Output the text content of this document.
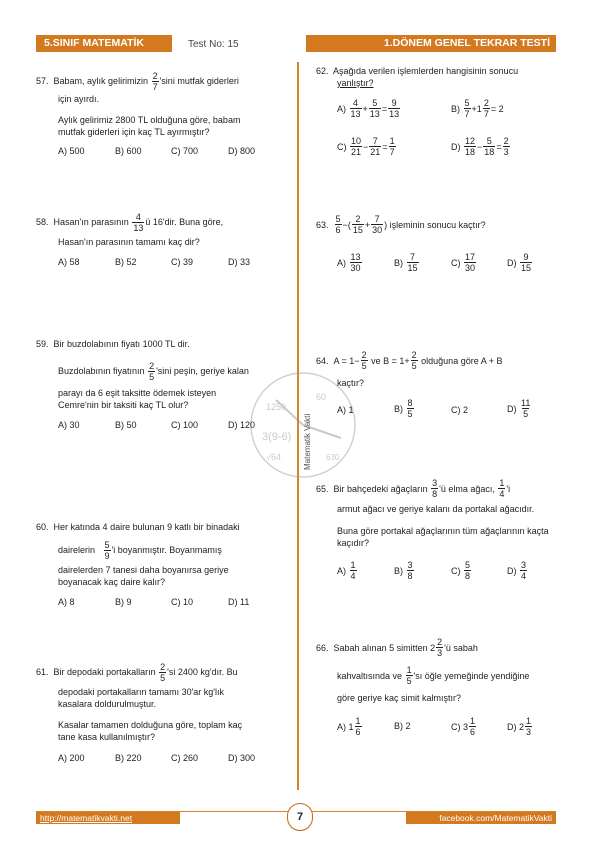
5.SINIF MATEMATİK	Test No: 15	1.DÖNEM GENEL TEKRAR TESTİ
1250
3(9-6)
√64
60
630
Matematik Vakti
57. Babam, aylık gelirimizin $\frac{2}{7}$ 'sini mutfak giderleri
için ayırdı.
Aylık gelirimiz 2800 TL olduğuna göre, babam
mutfak giderleri için kaç TL ayırmıştır?
A) 500	B) 600	C) 700	D) 800
58. Hasan'ın parasının $\frac{4}{13}$ ü 16'dir. Buna göre,
Hasan'ın parasının tamamı kaç dir?
A) 58	B) 52	C) 39	D) 33
59. Bir buzdolabının fiyatı 1000 TL dir.
Buzdolabının fiyatının $\frac{2}{5}$ 'sini peşin, geriye kalan
parayı da 6 eşit taksitte ödemek isteyen
Cemre'nin bir taksiti kaç TL olur?
A) 30	B) 50	C) 100	D) 120
60. Her katında 4 daire bulunan 9 katlı bir binadaki
dairelerin $\frac{5}{9}$ 'i boyanmıştır. Boyanmamış
dairelerden 7 tanesi daha boyanırsa geriye
boyanacak kaç daire kalır?
A) 8	B) 9	C) 10	D) 11
61. Bir depodaki portakalların $\frac{2}{5}$ 'si 2400 kg'dır. Bu
depodaki portakalların tamamı 30'ar kg'lık
kasalara doldurulmuştur.
Kasalar tamamen dolduğuna göre, toplam kaç
tane kasa kullanılmıştır?
A) 200	B) 220	C) 260	D) 300
62. Aşağıda verilen işlemlerden hangisinin sonucu
yanlıştır?
A)
$\frac{4}{13} + \frac{5}{13} = \frac{9}{13}$	B)
$\frac{5}{7} + 1 \frac{2}{7} = 2$
C)
$\frac{10}{21} - \frac{7}{21} = \frac{1}{7}$	D)
$\frac{12}{18} - \frac{5}{18} = \frac{2}{3}$
63.
$\frac{5}{6}$ − ( $\frac{2}{15} + \frac{7}{30}$ )
işleminin sonucu kaçtır?
A)
$\frac{13}{30}$	B)
$\frac{7}{15}$	C)
$\frac{17}{30}$	D)
$\frac{9}{15}$
64.
$A = 1- \frac{2}{5}$
ve $B = 1+ \frac{2}{5}$
olduğuna göre A + B
kaçtır?
A) 1	B)
$\frac{8}{5}$	C) 2	D)
$\frac{11}{5}$
65.
Bir bahçedeki ağaçların
$\frac{3}{8}$ 'ü elma ağacı,
$\frac{1}{4}$ 'i
armut ağacı ve geriye kalanı da portakal ağacıdır.
Buna göre portakal ağaçlarının tüm ağaçlarının kaçta
kaçıdır?
A)
$\frac{1}{4}$	B)
$\frac{3}{8}$	C)
$\frac{5}{8}$	D)
$\frac{3}{4}$
66.
Sabah alınan 5 simitten
$2 \frac{2}{3}$ 'ü sabah
kahvaltısında ve
$\frac{1}{5}$ 'sı öğle yemeğinde yendiğine
göre geriye kaç simit kalmıştır?
A)
$1 \frac{1}{6}$	B)
2	C)
$3 \frac{1}{6}$	D)
$2 \frac{1}{3}$
http://matematikvakti.net	facebook.com/MatematikVakti
7
